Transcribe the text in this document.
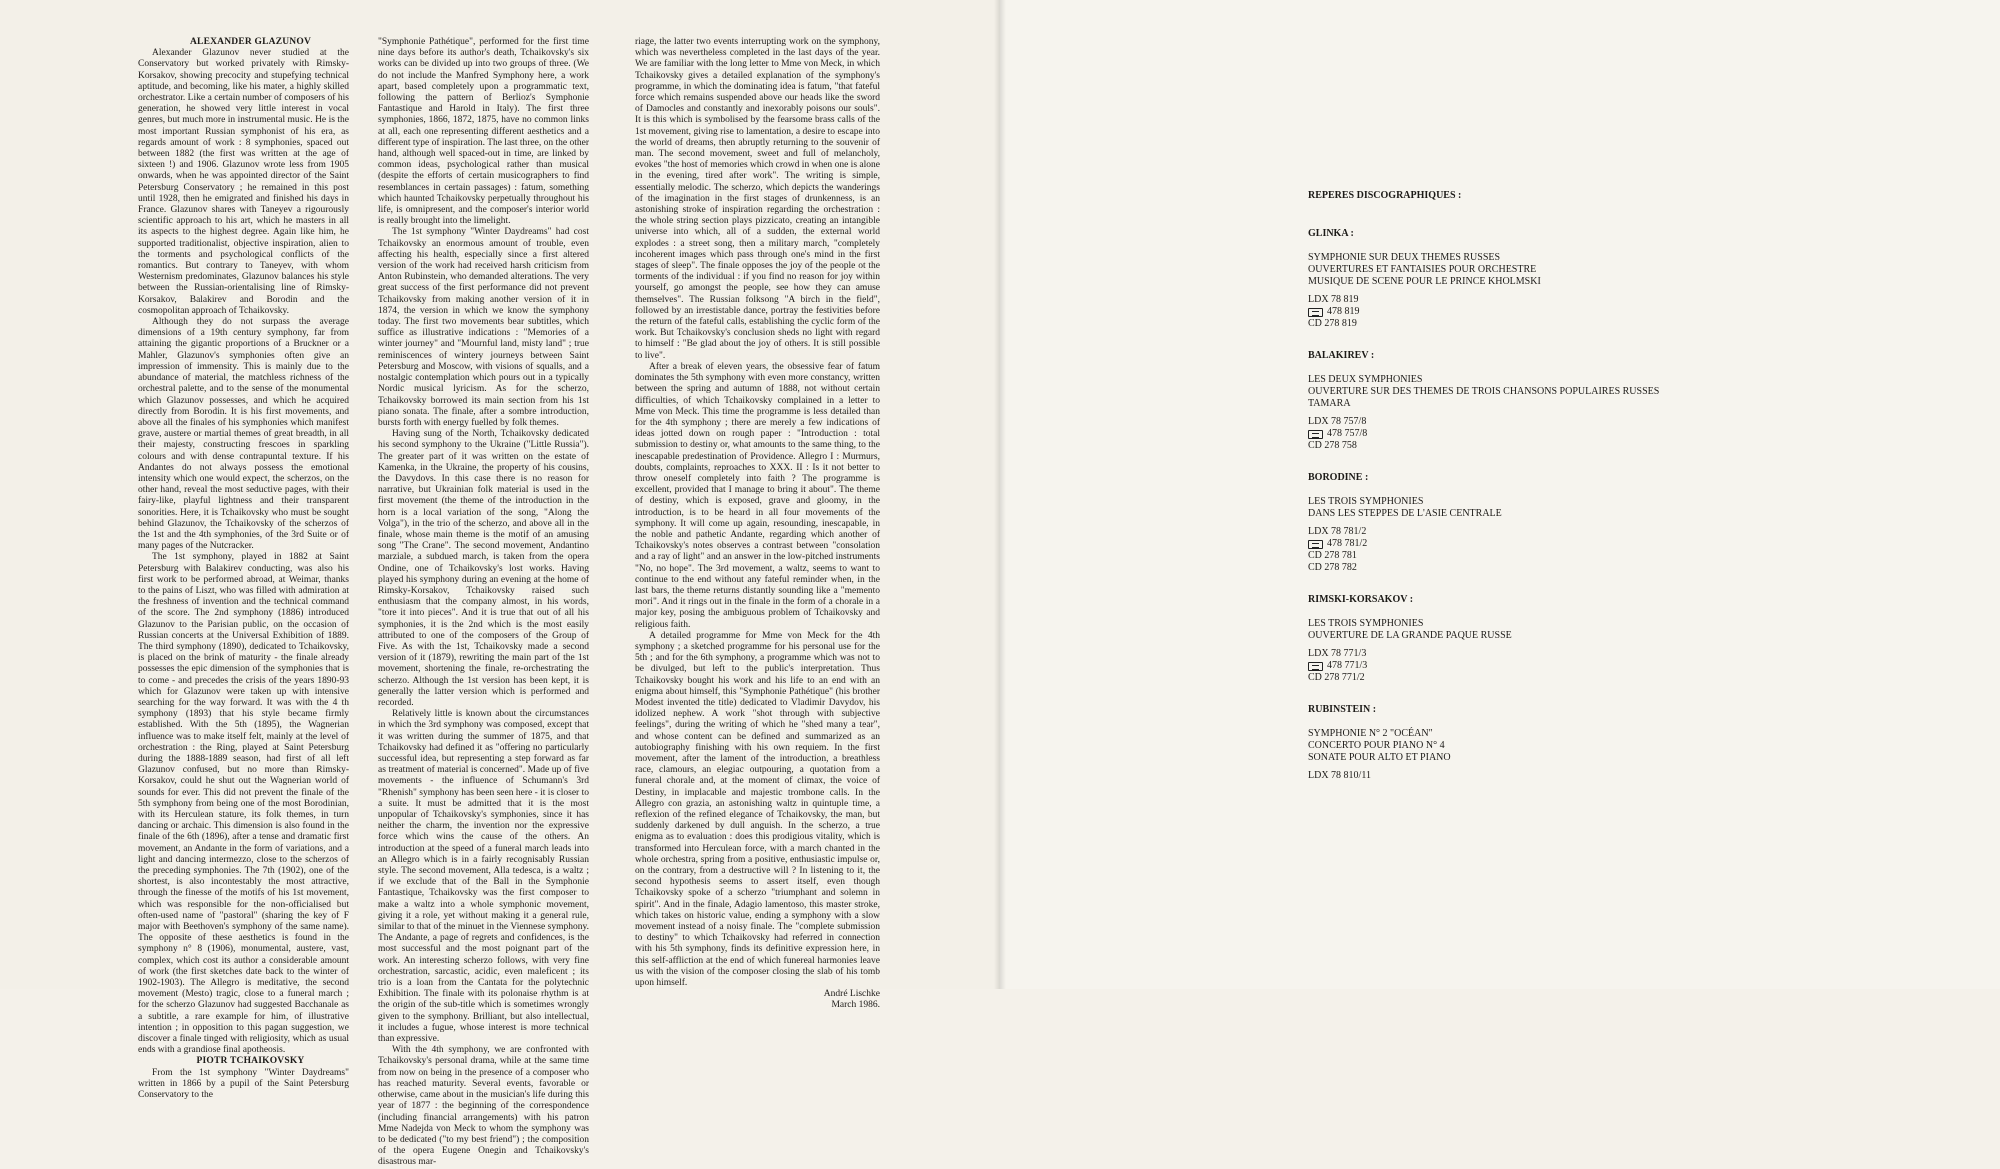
ALEXANDER GLAZUNOV

Alexander Glazunov never studied at the Conservatory but worked privately with Rimsky-Korsakov, showing precocity and stupefying technical aptitude, and becoming, like his mater, a highly skilled orchestrator. Like a certain number of composers of his generation, he showed very little interest in vocal genres, but much more in instrumental music. He is the most important Russian symphonist of his era, as regards amount of work : 8 symphonies, spaced out between 1882 (the first was written at the age of sixteen !) and 1906. Glazunov wrote less from 1905 onwards, when he was appointed director of the Saint Petersburg Conservatory ; he remained in this post until 1928, then he emigrated and finished his days in France. Glazunov shares with Taneyev a rigourously scientific approach to his art, which he masters in all its aspects to the highest degree. Again like him, he supported traditionalist, objective inspiration, alien to the torments and psychological conflicts of the romantics. But contrary to Taneyev, with whom Westernism predominates, Glazunov balances his style between the Russian-orientalising line of Rimsky-Korsakov, Balakirev and Borodin and the cosmopolitan approach of Tchaikovsky.

Although they do not surpass the average dimensions of a 19th century symphony, far from attaining the gigantic proportions of a Bruckner or a Mahler, Glazunov's symphonies often give an impression of immensity. This is mainly due to the abundance of material, the matchless richness of the orchestral palette, and to the sense of the monumental which Glazunov possesses, and which he acquired directly from Borodin. It is his first movements, and above all the finales of his symphonies which manifest grave, austere or martial themes of great breadth, in all their majesty, constructing frescoes in sparkling colours and with dense contrapuntal texture. If his Andantes do not always possess the emotional intensity which one would expect, the scherzos, on the other hand, reveal the most seductive pages, with their fairy-like, playful lightness and their transparent sonorities. Here, it is Tchaikovsky who must be sought behind Glazunov, the Tchaikovsky of the scherzos of the 1st and the 4th symphonies, of the 3rd Suite or of many pages of the Nutcracker.

The 1st symphony, played in 1882 at Saint Petersburg with Balakirev conducting, was also his first work to be performed abroad, at Weimar, thanks to the pains of Liszt, who was filled with admiration at the freshness of invention and the technical command of the score. The 2nd symphony (1886) introduced Glazunov to the Parisian public, on the occasion of Russian concerts at the Universal Exhibition of 1889. The third symphony (1890), dedicated to Tchaikovsky, is placed on the brink of maturity - the finale already possesses the epic dimension of the symphonies that is to come - and precedes the crisis of the years 1890-93 which for Glazunov were taken up with intensive searching for the way forward. It was with the 4 th symphony (1893) that his style became firmly established. With the 5th (1895), the Wagnerian influence was to make itself felt, mainly at the level of orchestration : the Ring, played at Saint Petersburg during the 1888-1889 season, had first of all left Glazunov confused, but no more than Rimsky-Korsakov, could he shut out the Wagnerian world of sounds for ever. This did not prevent the finale of the 5th symphony from being one of the most Borodinian, with its Herculean stature, its folk themes, in turn dancing or archaic. This dimension is also found in the finale of the 6th (1896), after a tense and dramatic first movement, an Andante in the form of variations, and a light and dancing intermezzo, close to the scherzos of the preceding symphonies. The 7th (1902), one of the shortest, is also incontestably the most attractive, through the finesse of the motifs of his 1st movement, which was responsible for the non-officialised but often-used name of "pastoral" (sharing the key of F major with Beethoven's symphony of the same name). The opposite of these aesthetics is found in the symphony n° 8 (1906), monumental, austere, vast, complex, which cost its author a considerable amount of work (the first sketches date back to the winter of 1902-1903). The Allegro is meditative, the second movement (Mesto) tragic, close to a funeral march ; for the scherzo Glazunov had suggested Bacchanale as a subtitle, a rare example for him, of illustrative intention ; in opposition to this pagan suggestion, we discover a finale tinged with religiosity, which as usual ends with a grandiose final apotheosis.

PIOTR TCHAIKOVSKY

From the 1st symphony "Winter Daydreams" written in 1866 by a pupil of the Saint Petersburg Conservatory to the

"Symphonie Pathétique", performed for the first time nine days before its author's death, Tchaikovsky's six works can be divided up into two groups of three. (We do not include the Manfred Symphony here, a work apart, based completely upon a programmatic text, following the pattern of Berlioz's Symphonie Fantastique and Harold in Italy). The first three symphonies, 1866, 1872, 1875, have no common links at all, each one representing different aesthetics and a different type of inspiration. The last three, on the other hand, although well spaced-out in time, are linked by common ideas, psychological rather than musical (despite the efforts of certain musicographers to find resemblances in certain passages) : fatum, something which haunted Tchaikovsky perpetually throughout his life, is omnipresent, and the composer's interior world is really brought into the limelight.

The 1st symphony "Winter Daydreams" had cost Tchaikovsky an enormous amount of trouble, even affecting his health, especially since a first altered version of the work had received harsh criticism from Anton Rubinstein, who demanded alterations. The very great success of the first performance did not prevent Tchaikovsky from making another version of it in 1874, the version in which we know the symphony today. The first two movements bear subtitles, which suffice as illustrative indications : "Memories of a winter journey" and "Mournful land, misty land" ; true reminiscences of wintery journeys between Saint Petersburg and Moscow, with visions of squalls, and a nostalgic contemplation which pours out in a typically Nordic musical lyricism. As for the scherzo, Tchaikovsky borrowed its main section from his 1st piano sonata. The finale, after a sombre introduction, bursts forth with energy fuelled by folk themes.

Having sung of the North, Tchaikovsky dedicated his second symphony to the Ukraine ("Little Russia"). The greater part of it was written on the estate of Kamenka, in the Ukraine, the property of his cousins, the Davydovs. In this case there is no reason for narrative, but Ukrainian folk material is used in the first movement (the theme of the introduction in the horn is a local variation of the song, "Along the Volga"), in the trio of the scherzo, and above all in the finale, whose main theme is the motif of an amusing song "The Crane". The second movement, Andantino marziale, a subdued march, is taken from the opera Ondine, one of Tchaikovsky's lost works. Having played his symphony during an evening at the home of Rimsky-Korsakov, Tchaikovsky raised such enthusiasm that the company almost, in his words, "tore it into pieces". And it is true that out of all his symphonies, it is the 2nd which is the most easily attributed to one of the composers of the Group of Five. As with the 1st, Tchaikovsky made a second version of it (1879), rewriting the main part of the 1st movement, shortening the finale, re-orchestrating the scherzo. Although the 1st version has been kept, it is generally the latter version which is performed and recorded.

Relatively little is known about the circumstances in which the 3rd symphony was composed, except that it was written during the summer of 1875, and that Tchaikovsky had defined it as "offering no particularly successful idea, but representing a step forward as far as treatment of material is concerned". Made up of five movements - the influence of Schumann's 3rd "Rhenish" symphony has been seen here - it is closer to a suite. It must be admitted that it is the most unpopular of Tchaikovsky's symphonies, since it has neither the charm, the invention nor the expressive force which wins the cause of the others. An introduction at the speed of a funeral march leads into an Allegro which is in a fairly recognisably Russian style. The second movement, Alla tedesca, is a waltz ; if we exclude that of the Ball in the Symphonie Fantastique, Tchaikovsky was the first composer to make a waltz into a whole symphonic movement, giving it a role, yet without making it a general rule, similar to that of the minuet in the Viennese symphony. The Andante, a page of regrets and confidences, is the most successful and the most poignant part of the work. An interesting scherzo follows, with very fine orchestration, sarcastic, acidic, even maleficent ; its trio is a loan from the Cantata for the polytechnic Exhibition. The finale with its polonaise rhythm is at the origin of the sub-title which is sometimes wrongly given to the symphony. Brilliant, but also intellectual, it includes a fugue, whose interest is more technical than expressive.

With the 4th symphony, we are confronted with Tchaikovsky's personal drama, while at the same time from now on being in the presence of a composer who has reached maturity. Several events, favorable or otherwise, came about in the musician's life during this year of 1877 : the beginning of the correspondence (including financial arrangements) with his patron Mme Nadejda von Meck to whom the symphony was to be dedicated ("to my best friend") ; the composition of the opera Eugene Onegin and Tchaikovsky's disastrous mar-

riage, the latter two events interrupting work on the symphony, which was nevertheless completed in the last days of the year. We are familiar with the long letter to Mme von Meck, in which Tchaikovsky gives a detailed explanation of the symphony's programme, in which the dominating idea is fatum, "that fateful force which remains suspended above our heads like the sword of Damocles and constantly and inexorably poisons our souls". It is this which is symbolised by the fearsome brass calls of the 1st movement, giving rise to lamentation, a desire to escape into the world of dreams, then abruptly returning to the souvenir of man. The second movement, sweet and full of melancholy, evokes "the host of memories which crowd in when one is alone in the evening, tired after work". The writing is simple, essentially melodic. The scherzo, which depicts the wanderings of the imagination in the first stages of drunkenness, is an astonishing stroke of inspiration regarding the orchestration : the whole string section plays pizzicato, creating an intangible universe into which, all of a sudden, the external world explodes : a street song, then a military march, "completely incoherent images which pass through one's mind in the first stages of sleep". The finale opposes the joy of the people ot the torments of the individual : if you find no reason for joy within yourself, go amongst the people, see how they can amuse themselves". The Russian folksong "A birch in the field", followed by an irrestistable dance, portray the festivities before the return of the fateful calls, establishing the cyclic form of the work. But Tchaikovsky's conclusion sheds no light with regard to himself : "Be glad about the joy of others. It is still possible to live".

After a break of eleven years, the obsessive fear of fatum dominates the 5th symphony with even more constancy, written between the spring and autumn of 1888, not without certain difficulties, of which Tchaikovsky complained in a letter to Mme von Meck. This time the programme is less detailed than for the 4th symphony ; there are merely a few indications of ideas jotted down on rough paper : "Introduction : total submission to destiny or, what amounts to the same thing, to the inescapable predestination of Providence. Allegro I : Murmurs, doubts, complaints, reproaches to XXX. II : Is it not better to throw oneself completely into faith ? The programme is excellent, provided that I manage to bring it about". The theme of destiny, which is exposed, grave and gloomy, in the introduction, is to be heard in all four movements of the symphony. It will come up again, resounding, inescapable, in the noble and pathetic Andante, regarding which another of Tchaikovsky's notes observes a contrast between "consolation and a ray of light" and an answer in the low-pitched instruments "No, no hope". The 3rd movement, a waltz, seems to want to continue to the end without any fateful reminder when, in the last bars, the theme returns distantly sounding like a "memento mori". And it rings out in the finale in the form of a chorale in a major key, posing the ambiguous problem of Tchaikovsky and religious faith.

A detailed programme for Mme von Meck for the 4th symphony ; a sketched programme for his personal use for the 5th ; and for the 6th symphony, a programme which was not to be divulged, but left to the public's interpretation. Thus Tchaikovsky bought his work and his life to an end with an enigma about himself, this "Symphonie Pathétique" (his brother Modest invented the title) dedicated to Vladimir Davydov, his idolized nephew. A work "shot through with subjective feelings", during the writing of which he "shed many a tear", and whose content can be defined and summarized as an autobiography finishing with his own requiem. In the first movement, after the lament of the introduction, a breathless race, clamours, an elegiac outpouring, a quotation from a funeral chorale and, at the moment of climax, the voice of Destiny, in implacable and majestic trombone calls. In the Allegro con grazia, an astonishing waltz in quintuple time, a reflexion of the refined elegance of Tchaikovsky, the man, but suddenly darkened by dull anguish. In the scherzo, a true enigma as to evaluation : does this prodigious vitality, which is transformed into Herculean force, with a march chanted in the whole orchestra, spring from a positive, enthusiastic impulse or, on the contrary, from a destructive will ? In listening to it, the second hypothesis seems to assert itself, even though Tchaikovsky spoke of a scherzo "triumphant and solemn in spirit". And in the finale, Adagio lamentoso, this master stroke, which takes on historic value, ending a symphony with a slow movement instead of a noisy finale. The "complete submission to destiny" to which Tchaikovsky had referred in connection with his 5th symphony, finds its definitive expression here, in this self-affliction at the end of which funereal harmonies leave us with the vision of the composer closing the slab of his tomb upon himself.

André Lischke

March 1986.

REPERES DISCOGRAPHIQUES :

GLINKA :

SYMPHONIE SUR DEUX THEMES RUSSES

OUVERTURES ET FANTAISIES POUR ORCHESTRE

MUSIQUE DE SCENE POUR LE PRINCE KHOLMSKI

LDX 78 819

478 819

CD 278 819

BALAKIREV :

LES DEUX SYMPHONIES

OUVERTURE SUR DES THEMES DE TROIS CHANSONS POPULAIRES RUSSES

TAMARA

LDX 78 757/8

478 757/8

CD 278 758

BORODINE :

LES TROIS SYMPHONIES

DANS LES STEPPES DE L'ASIE CENTRALE

LDX 78 781/2

478 781/2

CD 278 781

CD 278 782

RIMSKI-KORSAKOV :

LES TROIS SYMPHONIES

OUVERTURE DE LA GRANDE PAQUE RUSSE

LDX 78 771/3

478 771/3

CD 278 771/2

RUBINSTEIN :

SYMPHONIE N° 2 "OCÉAN"

CONCERTO POUR PIANO N° 4

SONATE POUR ALTO ET PIANO

LDX 78 810/11
